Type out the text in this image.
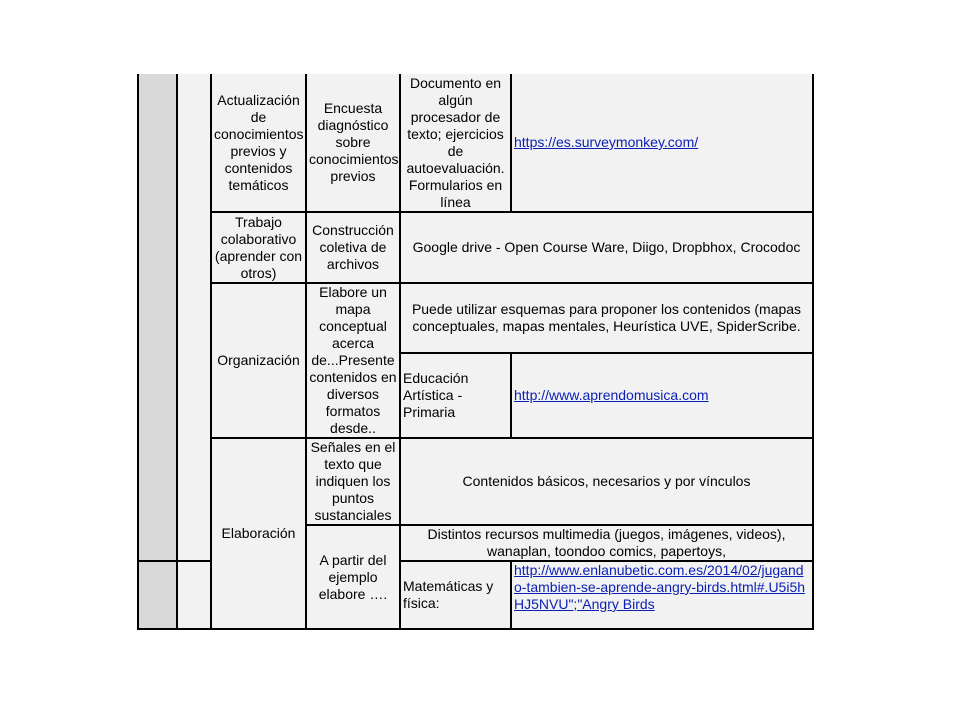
		Actualización de conocimientos previos y contenidos temáticos	Encuesta diagnóstico sobre conocimientos previos	Documento en algún procesador de texto; ejercicios de autoevaluación. Formularios en línea	https://es.surveymonkey.com/
		Trabajo colaborativo (aprender con otros)	Construcción coletiva de archivos	Google drive - Open Course Ware, Diigo, Dropbhox, Crocodoc	
		Organización	Elabore un mapa conceptual acerca de...Presente contenidos en diversos formatos desde..	Puede utilizar esquemas para proponer los contenidos (mapas conceptuales, mapas mentales, Heurística UVE, SpiderScribe.	
				Educación Artística - Primaria	http://www.aprendomusica.com
		Elaboración	Señales en el texto que indiquen los puntos sustanciales	Contenidos básicos, necesarios y por vínculos	
			A partir del ejemplo elabore ….	Distintos recursos multimedia (juegos, imágenes, videos), wanaplan, toondoo comics, papertoys,	
				Matemáticas y física:	http://www.enlanubetic.com.es/2014/02/jugando-tambien-se-aprende-angry-birds.html#.U5i5hHJ5NVU";"Angry Birds
